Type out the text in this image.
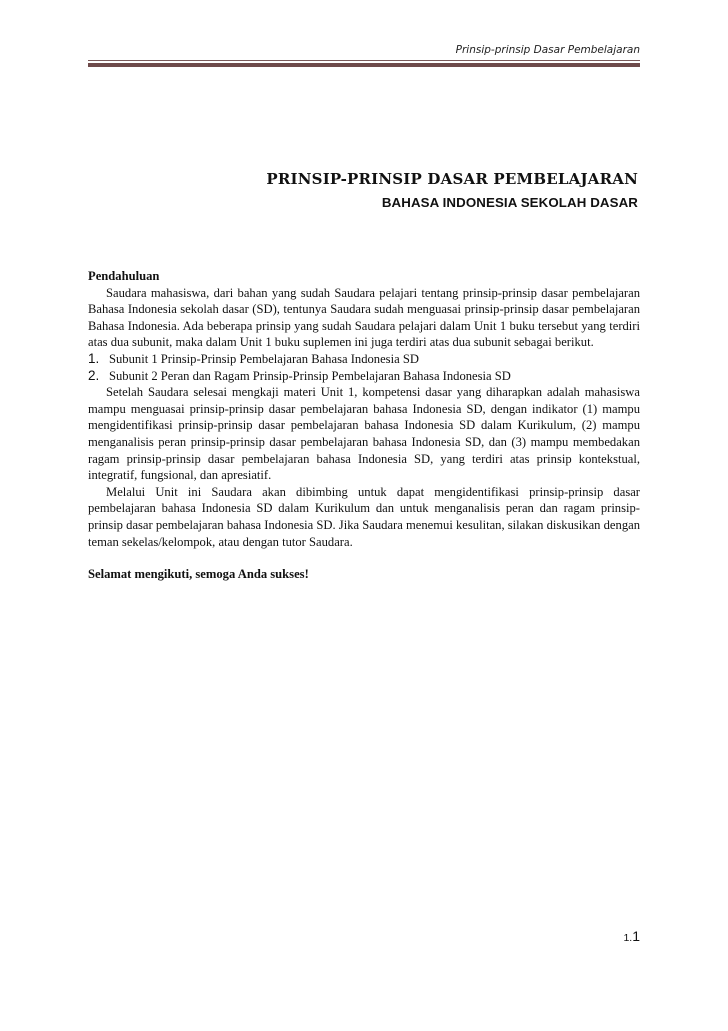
Prinsip-prinsip Dasar Pembelajaran
PRINSIP-PRINSIP DASAR PEMBELAJARAN
BAHASA INDONESIA SEKOLAH DASAR

Pendahuluan

Saudara mahasiswa, dari bahan yang sudah Saudara pelajari tentang prinsip-prinsip dasar pembelajaran Bahasa Indonesia sekolah dasar (SD), tentunya Saudara sudah menguasai prinsip-prinsip dasar pembelajaran Bahasa Indonesia. Ada beberapa prinsip yang sudah Saudara pelajari dalam Unit 1 buku tersebut yang terdiri atas dua subunit, maka dalam Unit 1 buku suplemen ini juga terdiri atas dua subunit sebagai berikut.

1. Subunit 1 Prinsip-Prinsip Pembelajaran Bahasa Indonesia SD
2. Subunit 2 Peran dan Ragam Prinsip-Prinsip Pembelajaran Bahasa Indonesia SD

Setelah Saudara selesai mengkaji materi Unit 1, kompetensi dasar yang diharapkan adalah mahasiswa mampu menguasai prinsip-prinsip dasar pembelajaran bahasa Indonesia SD, dengan indikator (1) mampu mengidentifikasi prinsip-prinsip dasar pembelajaran bahasa Indonesia SD dalam Kurikulum, (2) mampu menganalisis peran prinsip-prinsip dasar pembelajaran bahasa Indonesia SD, dan (3) mampu membedakan ragam prinsip-prinsip dasar pembelajaran bahasa Indonesia SD, yang terdiri atas prinsip kontekstual, integratif, fungsional, dan apresiatif.

Melalui Unit ini Saudara akan dibimbing untuk dapat mengidentifikasi prinsip-prinsip dasar pembelajaran bahasa Indonesia SD dalam Kurikulum dan untuk menganalisis peran dan ragam prinsip-prinsip dasar pembelajaran bahasa Indonesia SD. Jika Saudara menemui kesulitan, silakan diskusikan dengan teman sekelas/kelompok, atau dengan tutor Saudara.

Selamat mengikuti, semoga Anda sukses!

1.1
